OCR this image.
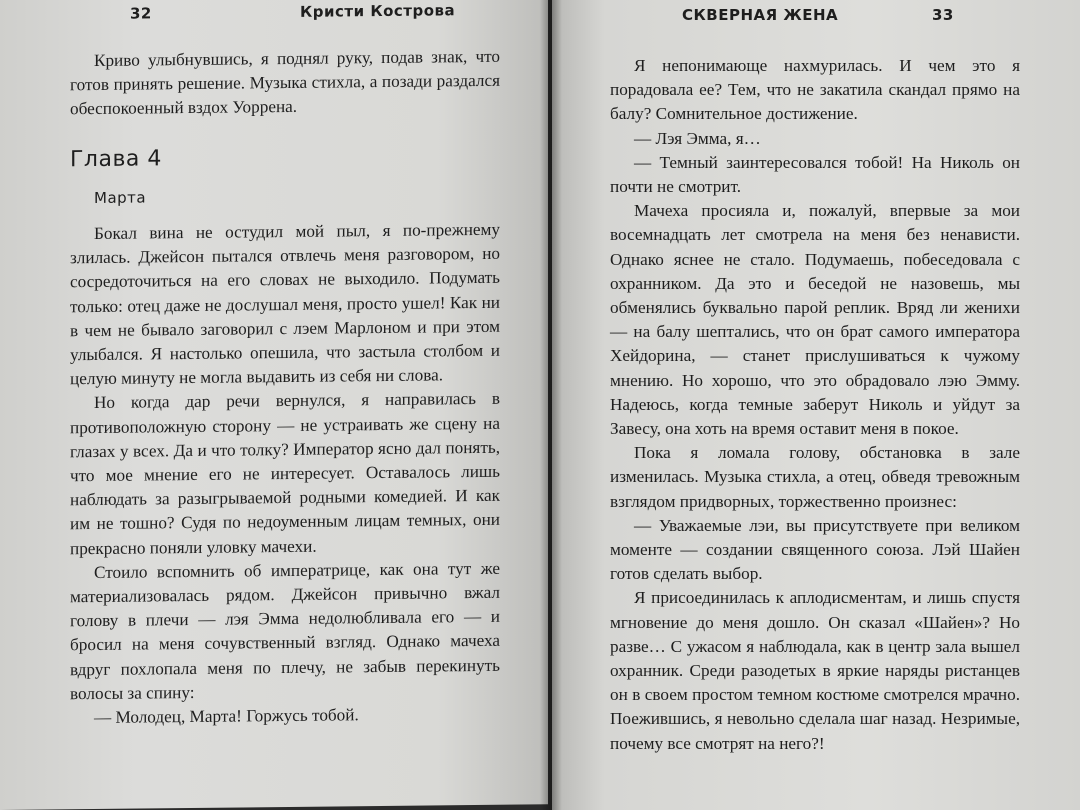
32	Кристи Кострова

Криво улыбнувшись, я поднял руку, подав знак, что готов принять решение. Музыка стихла, а позади раздался обеспокоенный вздох Уоррена.

Глава 4
Марта

Бокал вина не остудил мой пыл, я по-прежнему злилась. Джейсон пытался отвлечь меня разговором, но сосредоточиться на его словах не выходило. Подумать только: отец даже не дослушал меня, просто ушел! Как ни в чем не бывало заговорил с лэем Марлоном и при этом улыбался. Я настолько опешила, что застыла столбом и целую минуту не могла выдавить из себя ни слова.

Но когда дар речи вернулся, я направилась в противоположную сторону — не устраивать же сцену на глазах у всех. Да и что толку? Император ясно дал понять, что мое мнение его не интересует. Оставалось лишь наблюдать за разыгрываемой родными комедией. И как им не тошно? Судя по недоуменным лицам темных, они прекрасно поняли уловку мачехи.

Стоило вспомнить об императрице, как она тут же материализовалась рядом. Джейсон привычно вжал голову в плечи — лэя Эмма недолюбливала его — и бросил на меня сочувственный взгляд. Однако мачеха вдруг похлопала меня по плечу, не забыв перекинуть волосы за спину:

— Молодец, Марта! Горжусь тобой.

СКВЕРНАЯ ЖЕНА	33

Я непонимающе нахмурилась. И чем это я порадовала ее? Тем, что не закатила скандал прямо на балу? Сомнительное достижение.

— Лэя Эмма, я…

— Темный заинтересовался тобой! На Николь он почти не смотрит.

Мачеха просияла и, пожалуй, впервые за мои восемнадцать лет смотрела на меня без ненависти. Однако яснее не стало. Подумаешь, побеседовала с охранником. Да это и беседой не назовешь, мы обменялись буквально парой реплик. Вряд ли женихи — на балу шептались, что он брат самого императора Хейдорина, — станет прислушиваться к чужому мнению. Но хорошо, что это обрадовало лэю Эмму. Надеюсь, когда темные заберут Николь и уйдут за Завесу, она хоть на время оставит меня в покое.

Пока я ломала голову, обстановка в зале изменилась. Музыка стихла, а отец, обведя тревожным взглядом придворных, торжественно произнес:

— Уважаемые лэи, вы присутствуете при великом моменте — создании священного союза. Лэй Шайен готов сделать выбор.

Я присоединилась к аплодисментам, и лишь спустя мгновение до меня дошло. Он сказал «Шайен»? Но разве… С ужасом я наблюдала, как в центр зала вышел охранник. Среди разодетых в яркие наряды ристанцев он в своем простом темном костюме смотрелся мрачно. Поежившись, я невольно сделала шаг назад. Незримые, почему все смотрят на него?!
